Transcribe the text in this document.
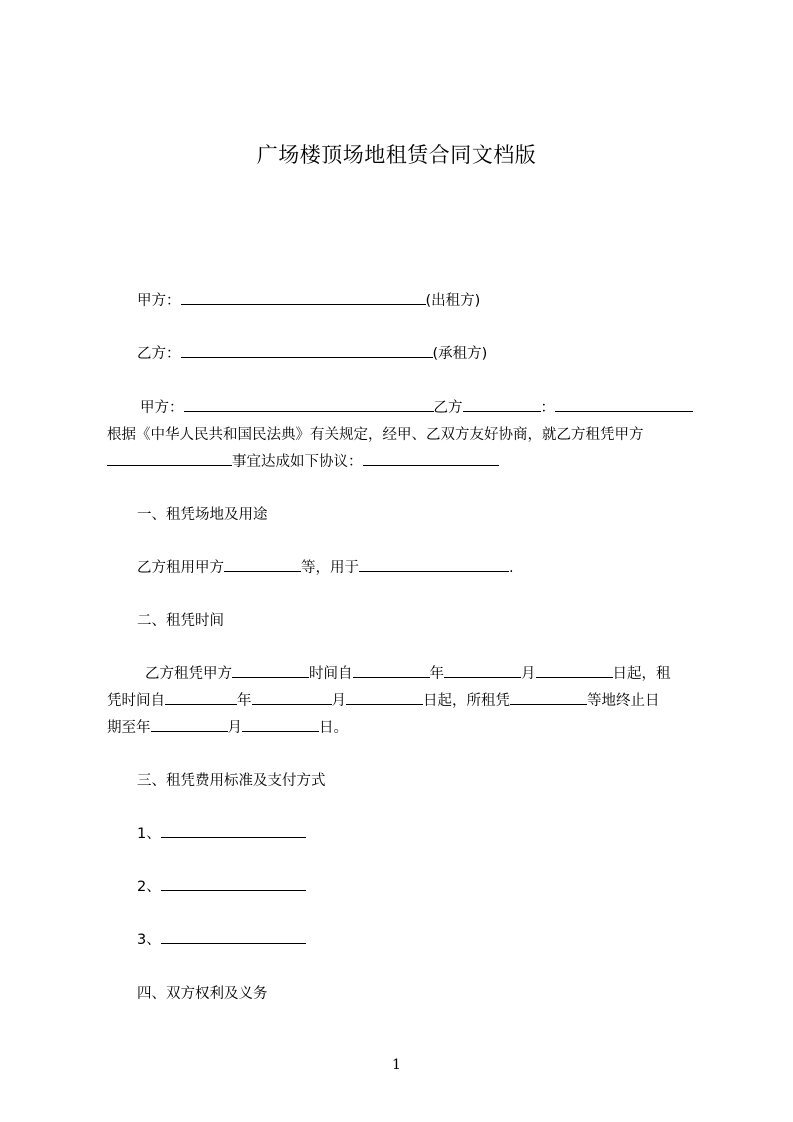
广场楼顶场地租赁合同文档版
甲方：	(出租方)
乙方：	(承租方)
甲方：	乙方	：
根据《中华人民共和国民法典》有关规定，经甲、乙双方友好协商，就乙方租凭甲方
事宜达成如下协议：
一、租凭场地及用途
乙方租用甲方	等，用于	.
二、租凭时间
乙方租凭甲方	时间自	年	月	日起，租
凭时间自	年	月	日起，所租凭	等地终止日
期至年	月	日。
三、租凭费用标准及支付方式
1、
2、
3、
四、双方权利及义务
1
